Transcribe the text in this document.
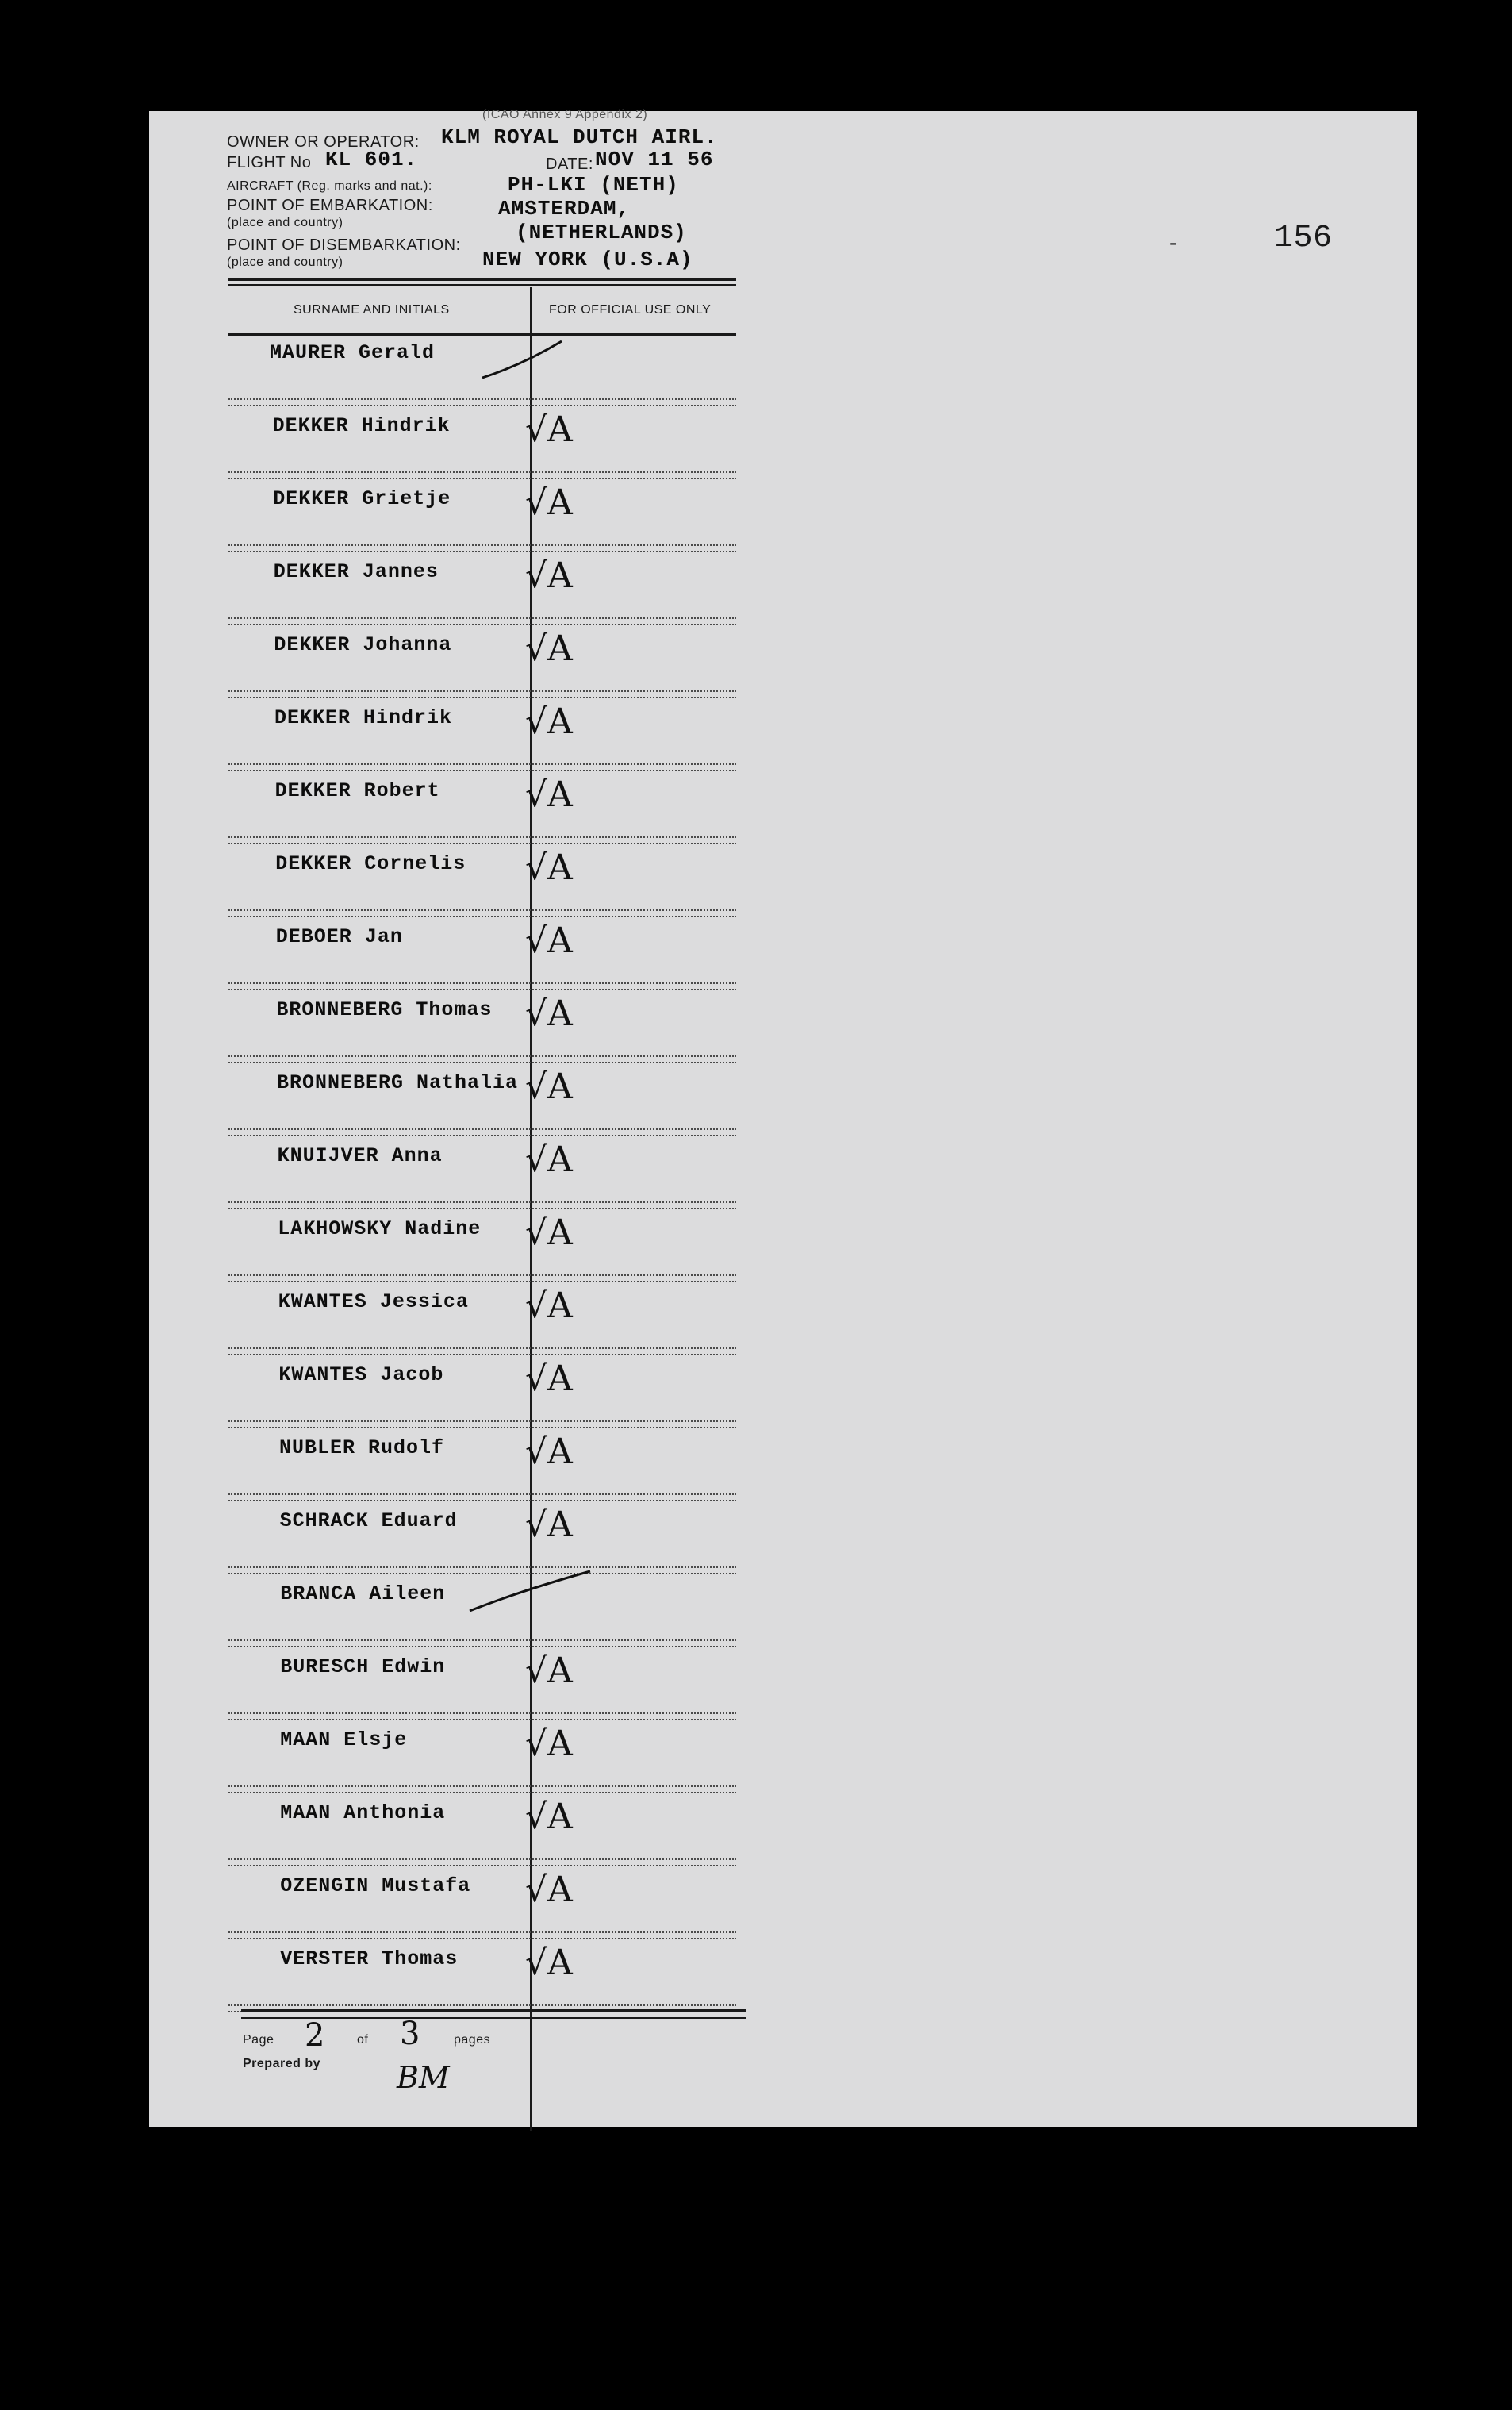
(ICAO Annex 9 Appendix 2)
OWNER OR OPERATOR: KLM ROYAL DUTCH AIRL.
FLIGHT No KL 601.	DATE: NOV 11 56
AIRCRAFT (Reg. marks and nat.):	PH-LKI (NETH)
POINT OF EMBARKATION:
(place and country)
AMSTERDAM,
(NETHERLANDS)
POINT OF DISEMBARKATION:
(place and country)	NEW YORK (U.S.A)
-	156
SURNAME AND INITIALS	FOR OFFICIAL USE ONLY
MAURER Gerald
DEKKER Hindrik √A
DEKKER Grietje √A
DEKKER Jannes √A
DEKKER Johanna √A
DEKKER Hindrik √A
DEKKER Robert √A
DEKKER Cornelis √A
DEBOER Jan	√A
BRONNEBERG Thomas √A
BRONNEBERG Nathalia √A
KNUIJVER Anna √A
LAKHOWSKY Nadine √A
KWANTES Jessica √A
KWANTES Jacob √A
NUBLER Rudolf √A
SCHRACK Eduard √A
BRANCA Aileen
BURESCH Edwin √A
MAAN Elsje	√A
MAAN Anthonia √A
OZENGIN Mustafa √A
VERSTER Thomas √A
Page 2	of 3	pages
Prepared by	BM
